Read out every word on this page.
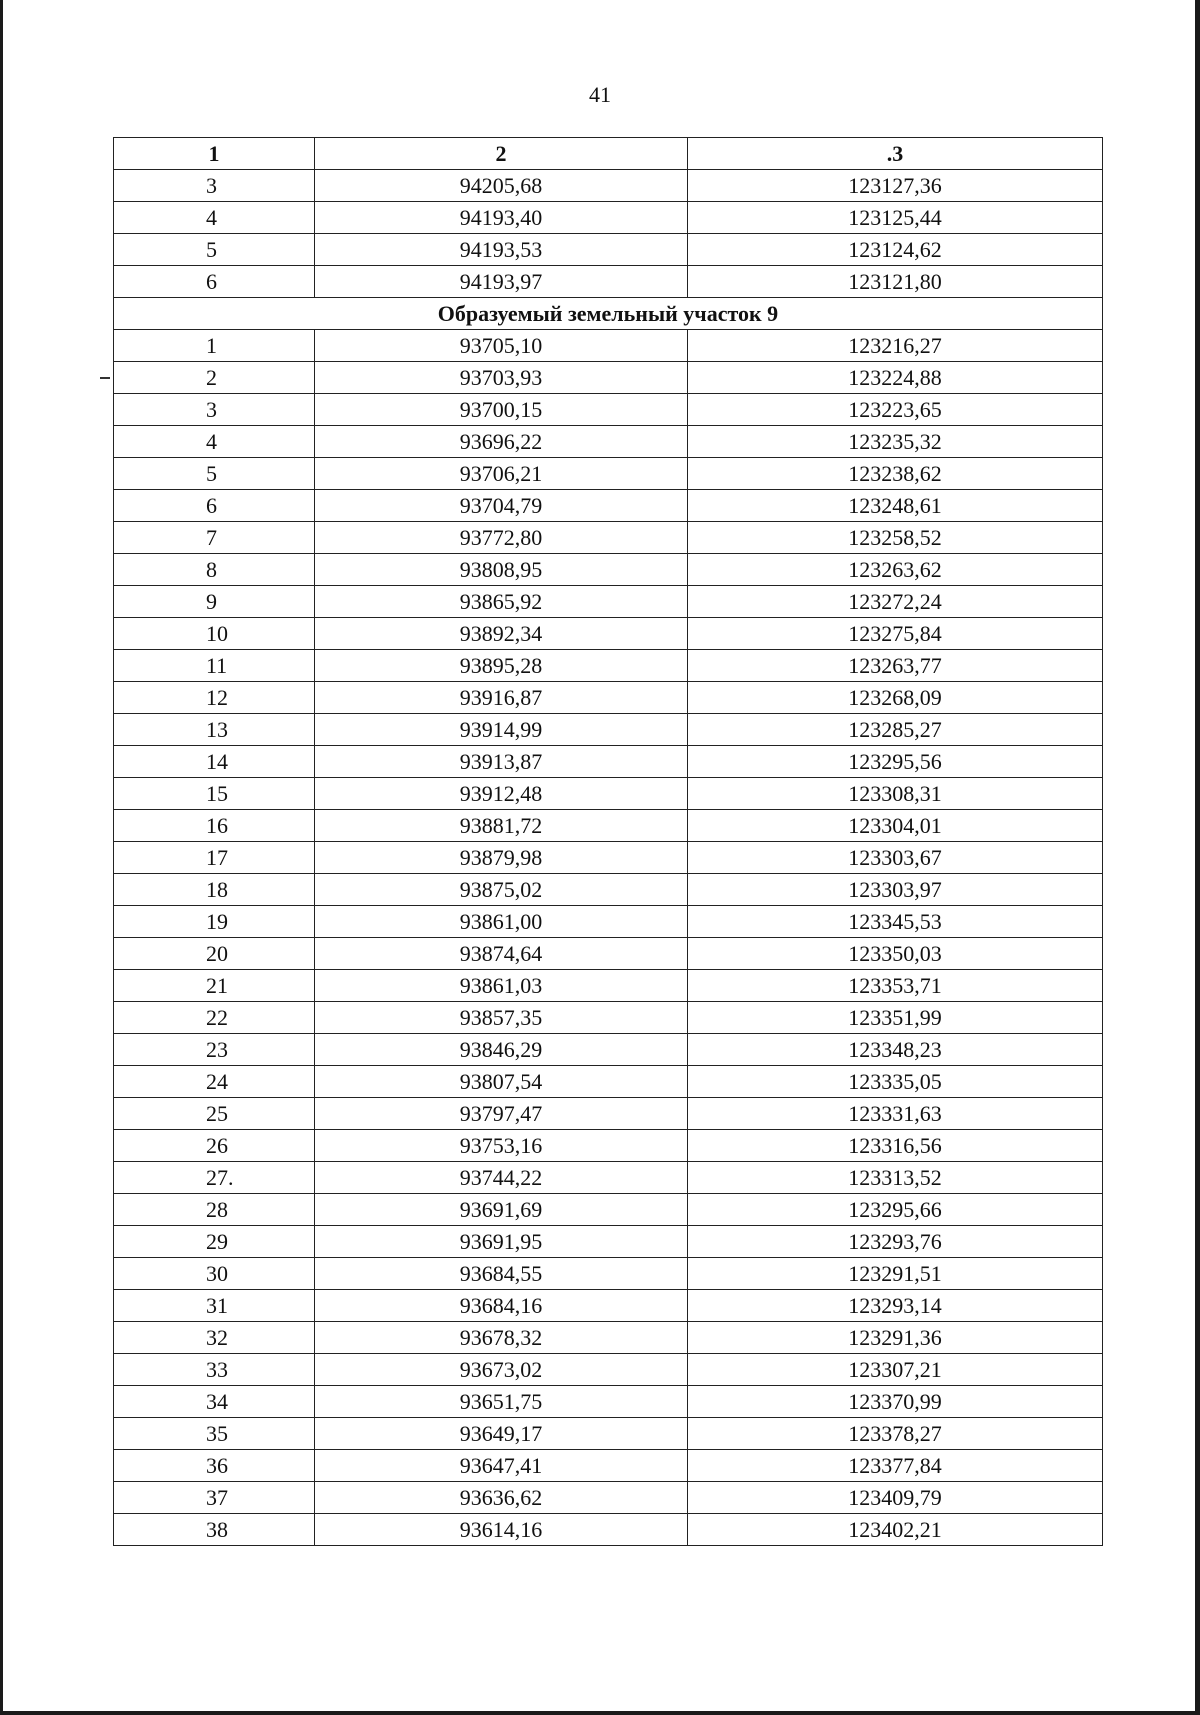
41
1	2	.3
3	94205,68	123127,36
4	94193,40	123125,44
5	94193,53	123124,62
6	94193,97	123121,80
Образуемый земельный участок 9		
1	93705,10	123216,27
2	93703,93	123224,88
3	93700,15	123223,65
4	93696,22	123235,32
5	93706,21	123238,62
6	93704,79	123248,61
7	93772,80	123258,52
8	93808,95	123263,62
9	93865,92	123272,24
10	93892,34	123275,84
11	93895,28	123263,77
12	93916,87	123268,09
13	93914,99	123285,27
14	93913,87	123295,56
15	93912,48	123308,31
16	93881,72	123304,01
17	93879,98	123303,67
18	93875,02	123303,97
19	93861,00	123345,53
20	93874,64	123350,03
21	93861,03	123353,71
22	93857,35	123351,99
23	93846,29	123348,23
24	93807,54	123335,05
25	93797,47	123331,63
26	93753,16	123316,56
27.	93744,22	123313,52
28	93691,69	123295,66
29	93691,95	123293,76
30	93684,55	123291,51
31	93684,16	123293,14
32	93678,32	123291,36
33	93673,02	123307,21
34	93651,75	123370,99
35	93649,17	123378,27
36	93647,41	123377,84
37	93636,62	123409,79
38	93614,16	123402,21
